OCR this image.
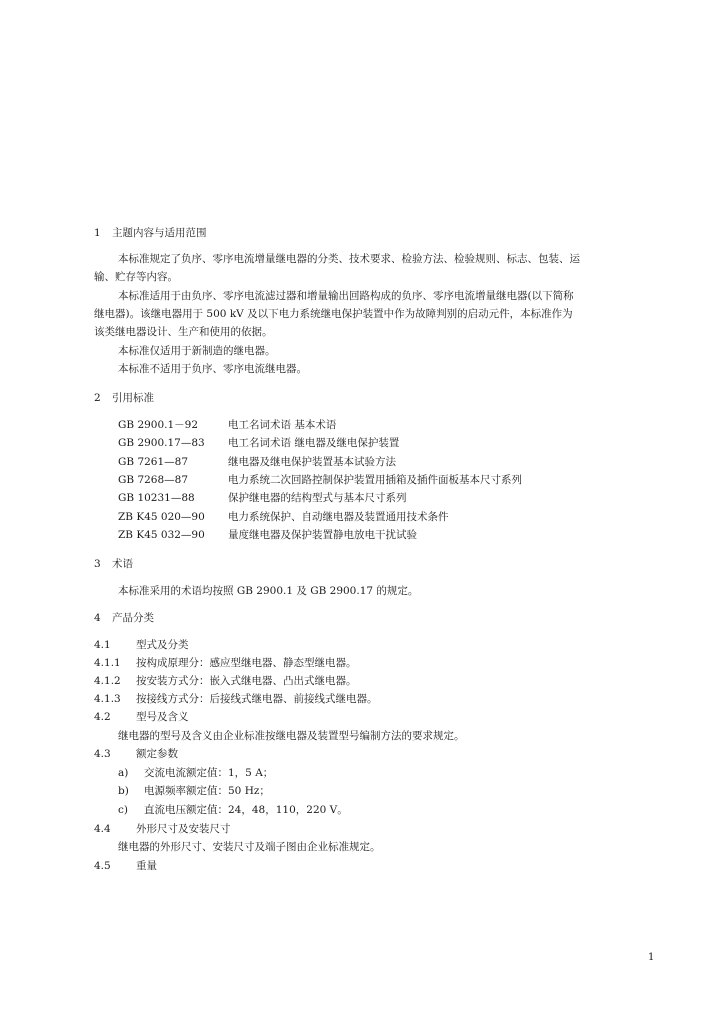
1 主题内容与适用范围
本标准规定了负序、零序电流增量继电器的分类、技术要求、检验方法、检验规则、标志、包装、运
输、贮存等内容。
本标准适用于由负序、零序电流滤过器和增量输出回路构成的负序、零序电流增量继电器(以下简称
继电器)。该继电器用于 500 kV 及以下电力系统继电保护装置中作为故障判别的启动元件，本标准作为
该类继电器设计、生产和使用的依据。
本标准仅适用于新制造的继电器。
本标准不适用于负序、零序电流继电器。
2 引用标准
GB 2900.1－92	电工名词术语 基本术语
GB 2900.17—83 电工名词术语 继电器及继电保护装置
GB 7261—87	继电器及继电保护装置基本试验方法
GB 7268—87	电力系统二次回路控制保护装置用插箱及插件面板基本尺寸系列
GB 10231—88	保护继电器的结构型式与基本尺寸系列
ZB K45 020—90 电力系统保护、自动继电器及装置通用技术条件
ZB K45 032—90 量度继电器及保护装置静电放电干扰试验
3 术语
本标准采用的术语均按照 GB 2900.1 及 GB 2900.17 的规定。
4 产品分类
4.1 型式及分类
4.1.1 按构成原理分：感应型继电器、静态型继电器。
4.1.2 按安装方式分：嵌入式继电器、凸出式继电器。
4.1.3 按接线方式分：后接线式继电器、前接线式继电器。
4.2 型号及含义
继电器的型号及含义由企业标准按继电器及装置型号编制方法的要求规定。
4.3 额定参数
a) 交流电流额定值：1，5 A；
b) 电源频率额定值：50 Hz；
c) 直流电压额定值：24，48，110，220 V。
4.4 外形尺寸及安装尺寸
继电器的外形尺寸、安装尺寸及端子图由企业标准规定。
4.5 重量
1
